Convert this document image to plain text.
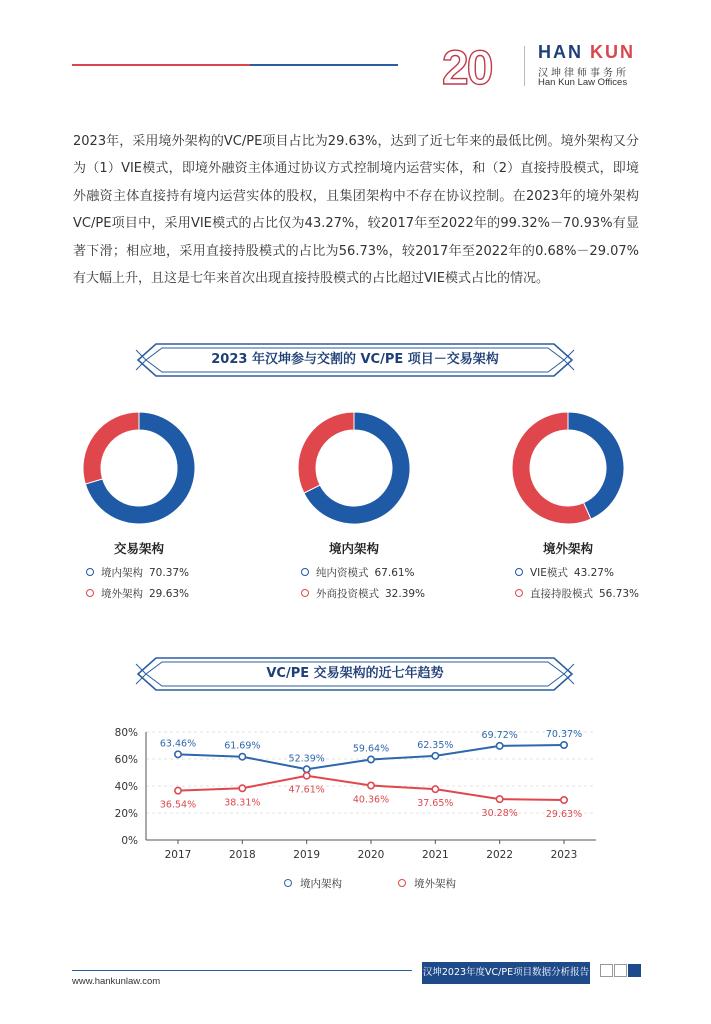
20	HAN KUN
汉坤律师事务所
Han Kun Law Offices
2023年，采用境外架构的VC/PE项目占比为29.63%，达到了近七年来的最低比例。境外架构又分为（1）VIE模式，即境外融资主体通过协议方式控制境内运营实体，和（2）直接持股模式，即境外融资主体直接持有境内运营实体的股权，且集团架构中不存在协议控制。在2023年的境外架构VC/PE项目中，采用VIE模式的占比仅为43.27%，较2017年至2022年的99.32%－70.93%有显著下滑；相应地，采用直接持股模式的占比为56.73%，较2017年至2022年的0.68%－29.07%有大幅上升，且这是七年来首次出现直接持股模式的占比超过VIE模式占比的情况。
2023 年汉坤参与交割的 VC/PE 项目－交易架构
交易架构
境内架构 70.37%
境外架构 29.63%
境内架构
纯内资模式 67.61%
外商投资模式 32.39%
境外架构
VIE模式 43.27%
直接持股模式 56.73%
VC/PE 交易架构的近七年趋势
0%
20%
40%
60%
80%
2017	2018	2019	2020	2021	2022	2023
63.46%	61.69%
52.39%
59.64%	62.35%
69.72%	70.37%
36.54%	38.31%
47.61%
40.36%	37.65%
30.28%	29.63%
境内架构	境外架构
www.hankunlaw.com
汉坤2023年度VC/PE项目数据分析报告
